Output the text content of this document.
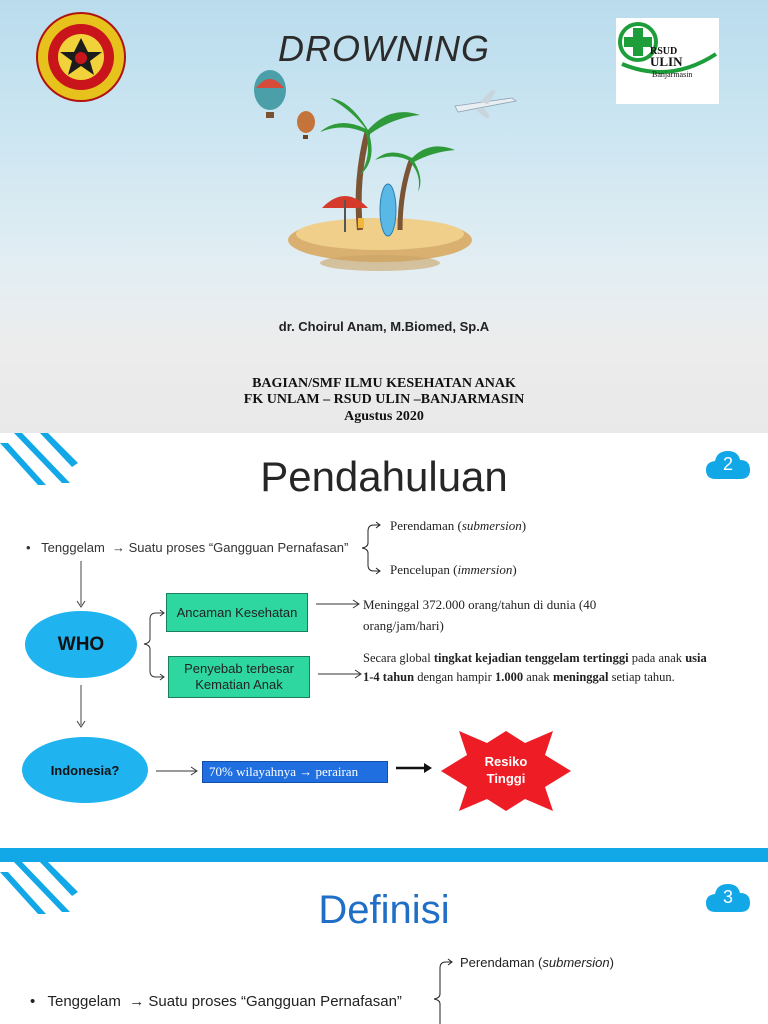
DROWNING
dr. Choirul Anam, M.Biomed, Sp.A
BAGIAN/SMF ILMU KESEHATAN ANAK
FK UNLAM – RSUD ULIN –BANJARMASIN
Agustus 2020
RSUD
ULIN
Banjarmasin
Pendahuluan	2
• Tenggelam → Suatu proses “Gangguan Pernafasan”
Perendaman (submersion)
Pencelupan (immersion)
WHO
Ancaman Kesehatan
Penyebab terbesar Kematian Anak
Meninggal 372.000 orang/tahun di dunia (40 orang/jam/hari)
Secara global tingkat kejadian tenggelam tertinggi pada anak usia 1-4 tahun dengan hampir 1.000 anak meninggal setiap tahun.
Indonesia?	70% wilayahnya → perairan
Resiko
Tinggi
Definisi	3
Perendaman (submersion)
• Tenggelam → Suatu proses “Gangguan Pernafasan”
